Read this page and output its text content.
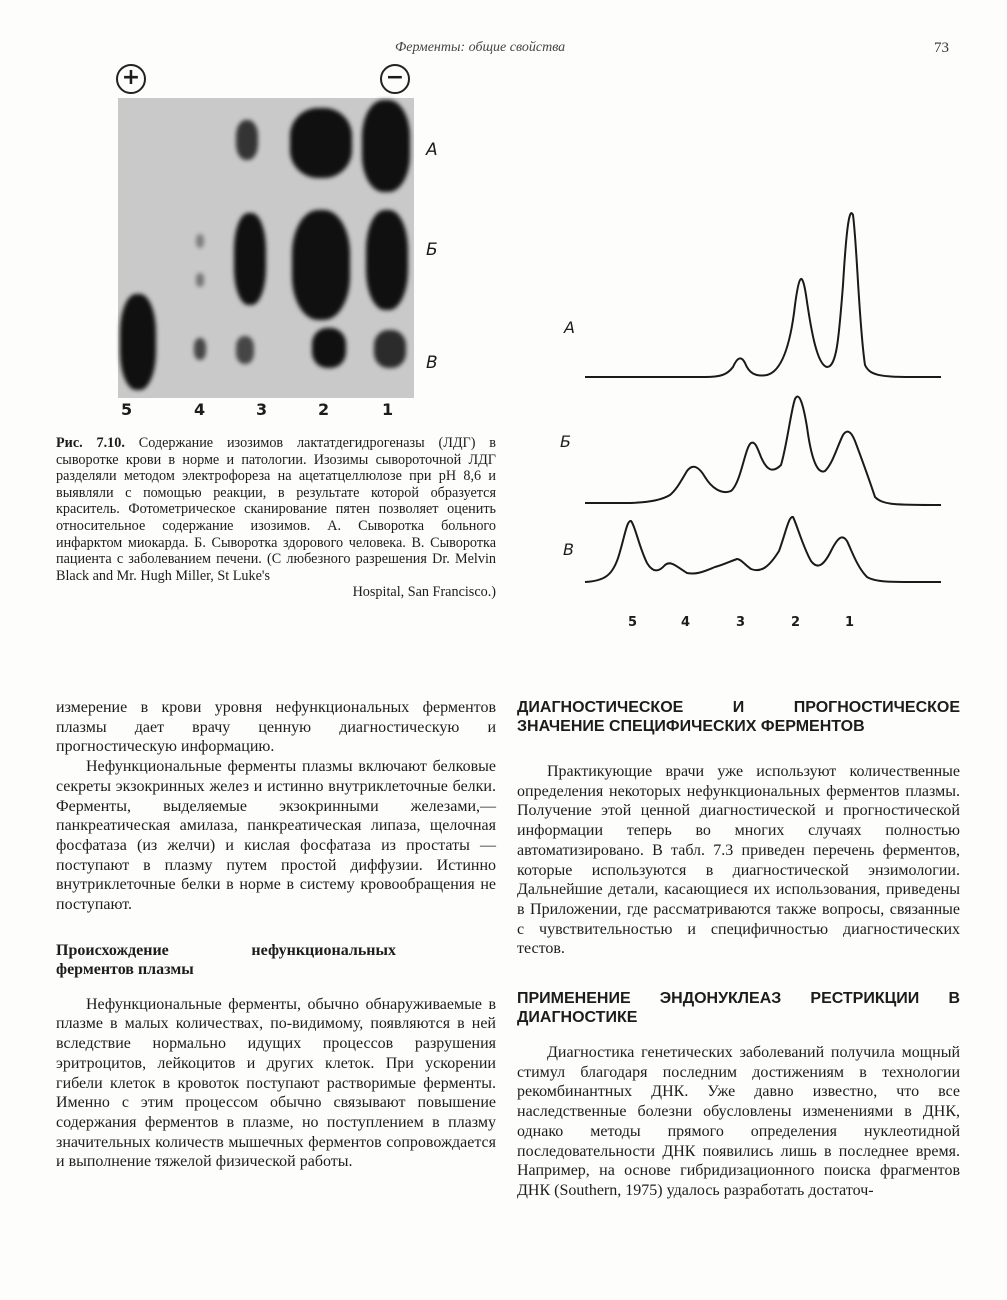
Ферменты: общие свойства	73
+	−
А
Б
В
5	4	3	2	1
Рис. 7.10. Содержание изозимов лактатдегидрогеназы (ЛДГ) в сыворотке крови в норме и патологии. Изозимы сывороточной ЛДГ разделяли методом электрофореза на ацетатцеллюлозе при pH 8,6 и выявляли с помощью реакции, в результате которой образуется краситель. Фотометрическое сканирование пятен позволяет оценить относительное содержание изозимов. А. Сыворотка больного инфарктом миокарда. Б. Сыворотка здорового человека. В. Сыворотка пациента с заболеванием печени. (С любезного разрешения Dr. Melvin Black and Mr. Hugh Miller, St Luke's
Hospital, San Francisco.)
А
Б
В
5	4	3	2	1

измерение в крови уровня нефункциональных ферментов плазмы дает врачу ценную диагностическую и прогностическую информацию.

Нефункциональные ферменты плазмы включают белковые секреты экзокринных желез и истинно внутриклеточные белки. Ферменты, выделяемые экзокринными железами,— панкреатическая амилаза, панкреатическая липаза, щелочная фосфатаза (из желчи) и кислая фосфатаза из простаты — поступают в плазму путем простой диффузии. Истинно внутриклеточные белки в норме в систему кровообращения не поступают.

Происхождение нефункциональных ферментов плазмы

Нефункциональные ферменты, обычно обнаруживаемые в плазме в малых количествах, по-видимому, появляются в ней вследствие нормально идущих процессов разрушения эритроцитов, лейкоцитов и других клеток. При ускорении гибели клеток в кровоток поступают растворимые ферменты. Именно с этим процессом обычно связывают повышение содержания ферментов в плазме, но поступлением в плазму значительных количеств мышечных ферментов сопровождается и выполнение тяжелой физической работы.

ДИАГНОСТИЧЕСКОЕ И ПРОГНОСТИЧЕСКОЕ ЗНАЧЕНИЕ СПЕЦИФИЧЕСКИХ ФЕРМЕНТОВ

Практикующие врачи уже используют количественные определения некоторых нефункциональных ферментов плазмы. Получение этой ценной диагностической и прогностической информации теперь во многих случаях полностью автоматизировано. В табл. 7.3 приведен перечень ферментов, которые используются в диагностической энзимологии. Дальнейшие детали, касающиеся их использования, приведены в Приложении, где рассматриваются также вопросы, связанные с чувствительностью и специфичностью диагностических тестов.

ПРИМЕНЕНИЕ ЭНДОНУКЛЕАЗ РЕСТРИКЦИИ В ДИАГНОСТИКЕ

Диагностика генетических заболеваний получила мощный стимул благодаря последним достижениям в технологии рекомбинантных ДНК. Уже давно известно, что все наследственные болезни обусловлены изменениями в ДНК, однако методы прямого определения нуклеотидной последовательности ДНК появились лишь в последнее время. Например, на основе гибридизационного поиска фрагментов ДНК (Southern, 1975) удалось разработать достаточ-
